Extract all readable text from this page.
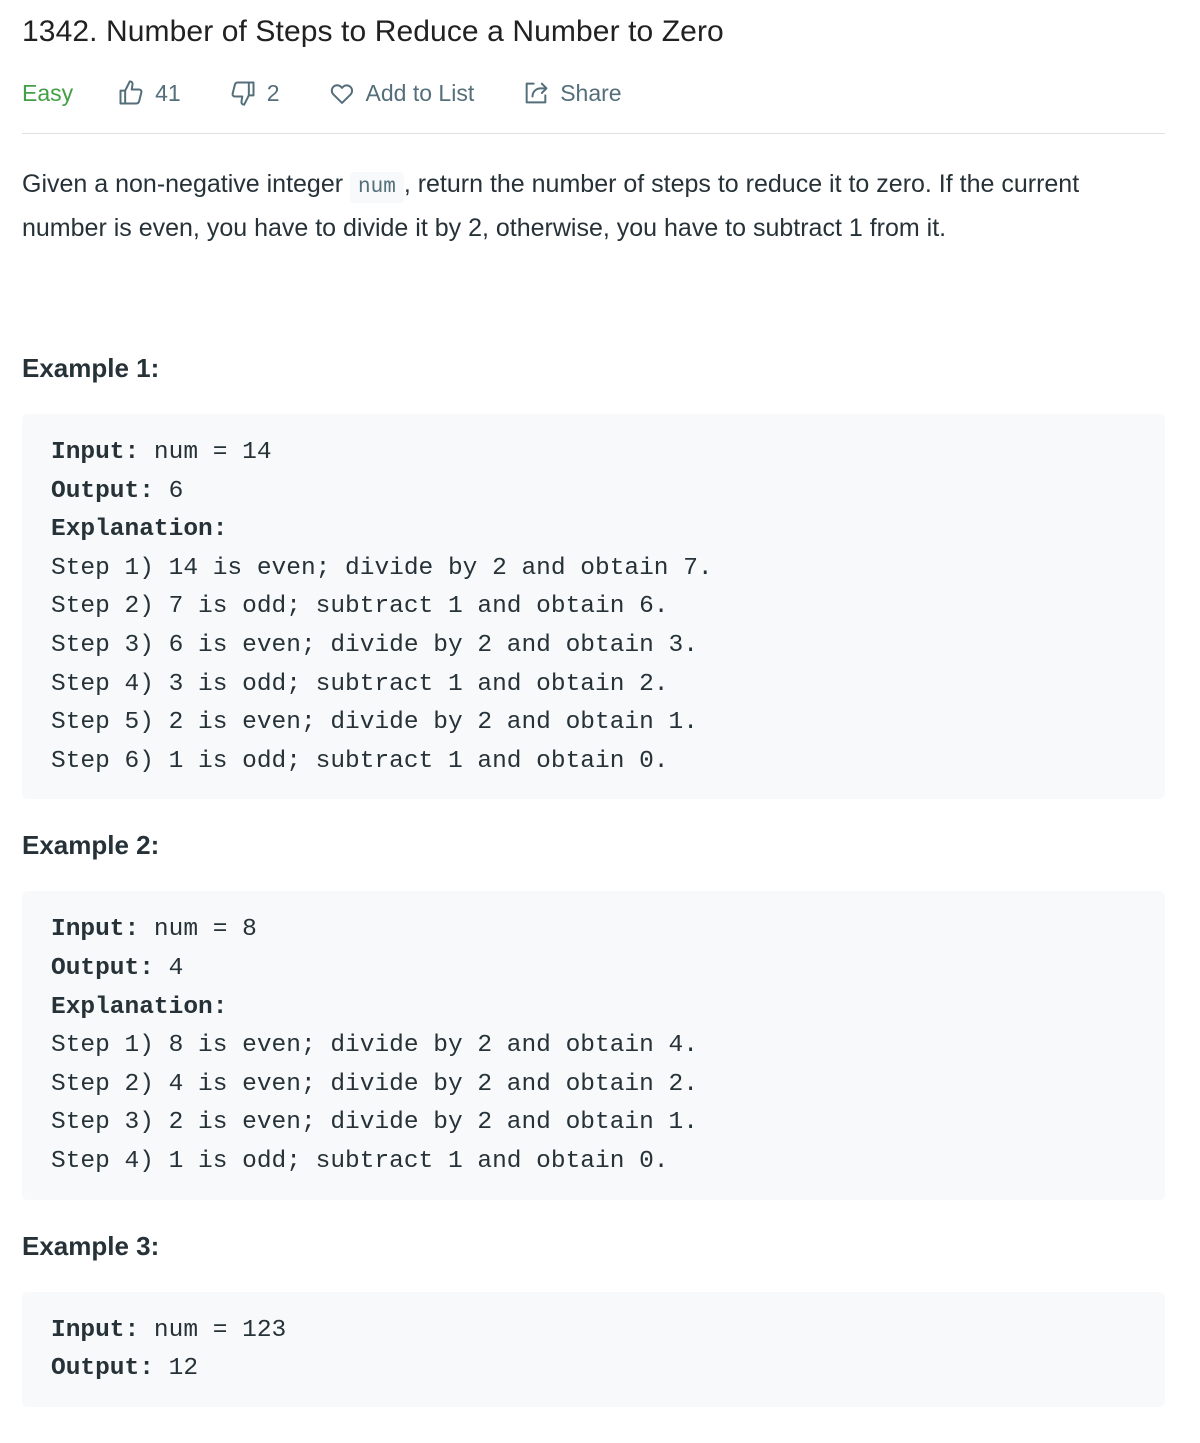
1342. Number of Steps to Reduce a Number to Zero
Easy	41	2	Add to List	Share
Given a non-negative integer num , return the number of steps to reduce it to zero. If the current number is even, you have to divide it by 2, otherwise, you have to subtract 1 from it.
Example 1:
Input: num = 14
Output: 6
Explanation:
Step 1) 14 is even; divide by 2 and obtain 7.
Step 2) 7 is odd; subtract 1 and obtain 6.
Step 3) 6 is even; divide by 2 and obtain 3.
Step 4) 3 is odd; subtract 1 and obtain 2.
Step 5) 2 is even; divide by 2 and obtain 1.
Step 6) 1 is odd; subtract 1 and obtain 0.
Example 2:
Input: num = 8
Output: 4
Explanation:
Step 1) 8 is even; divide by 2 and obtain 4.
Step 2) 4 is even; divide by 2 and obtain 2.
Step 3) 2 is even; divide by 2 and obtain 1.
Step 4) 1 is odd; subtract 1 and obtain 0.
Example 3:
Input: num = 123
Output: 12
